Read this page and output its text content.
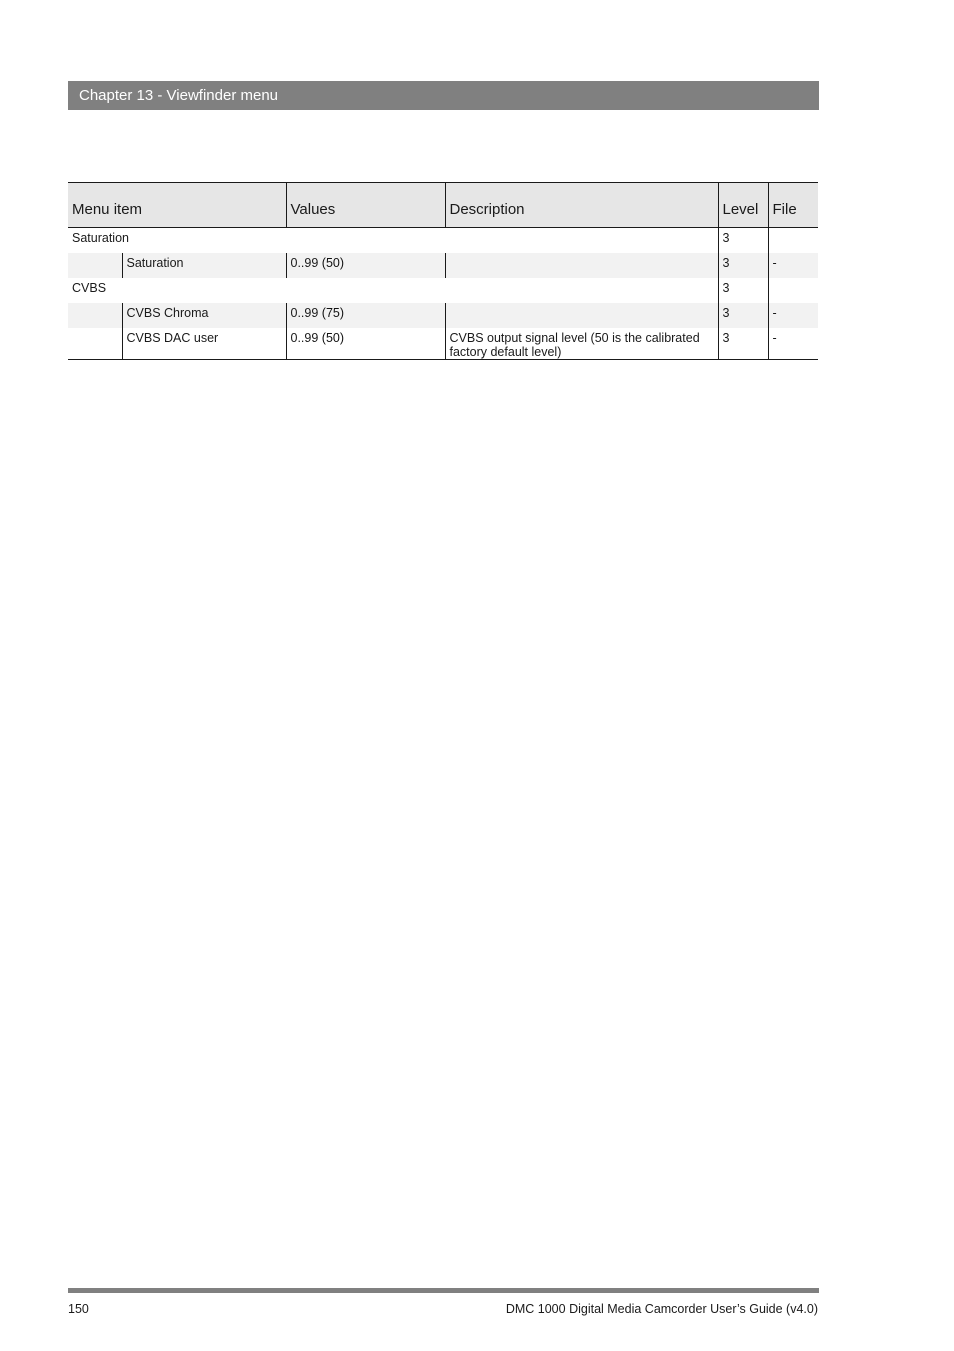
Chapter 13 - Viewfinder menu
Menu item		Values	Description	Level	File
Saturation				3	
	Saturation	0..99 (50)		3	-
CVBS				3	
	CVBS Chroma	0..99 (75)		3	-
	CVBS DAC user	0..99 (50)	CVBS output signal level (50 is the calibrated factory default level)	3	-
150	DMC 1000 Digital Media Camcorder User’s Guide (v4.0)
